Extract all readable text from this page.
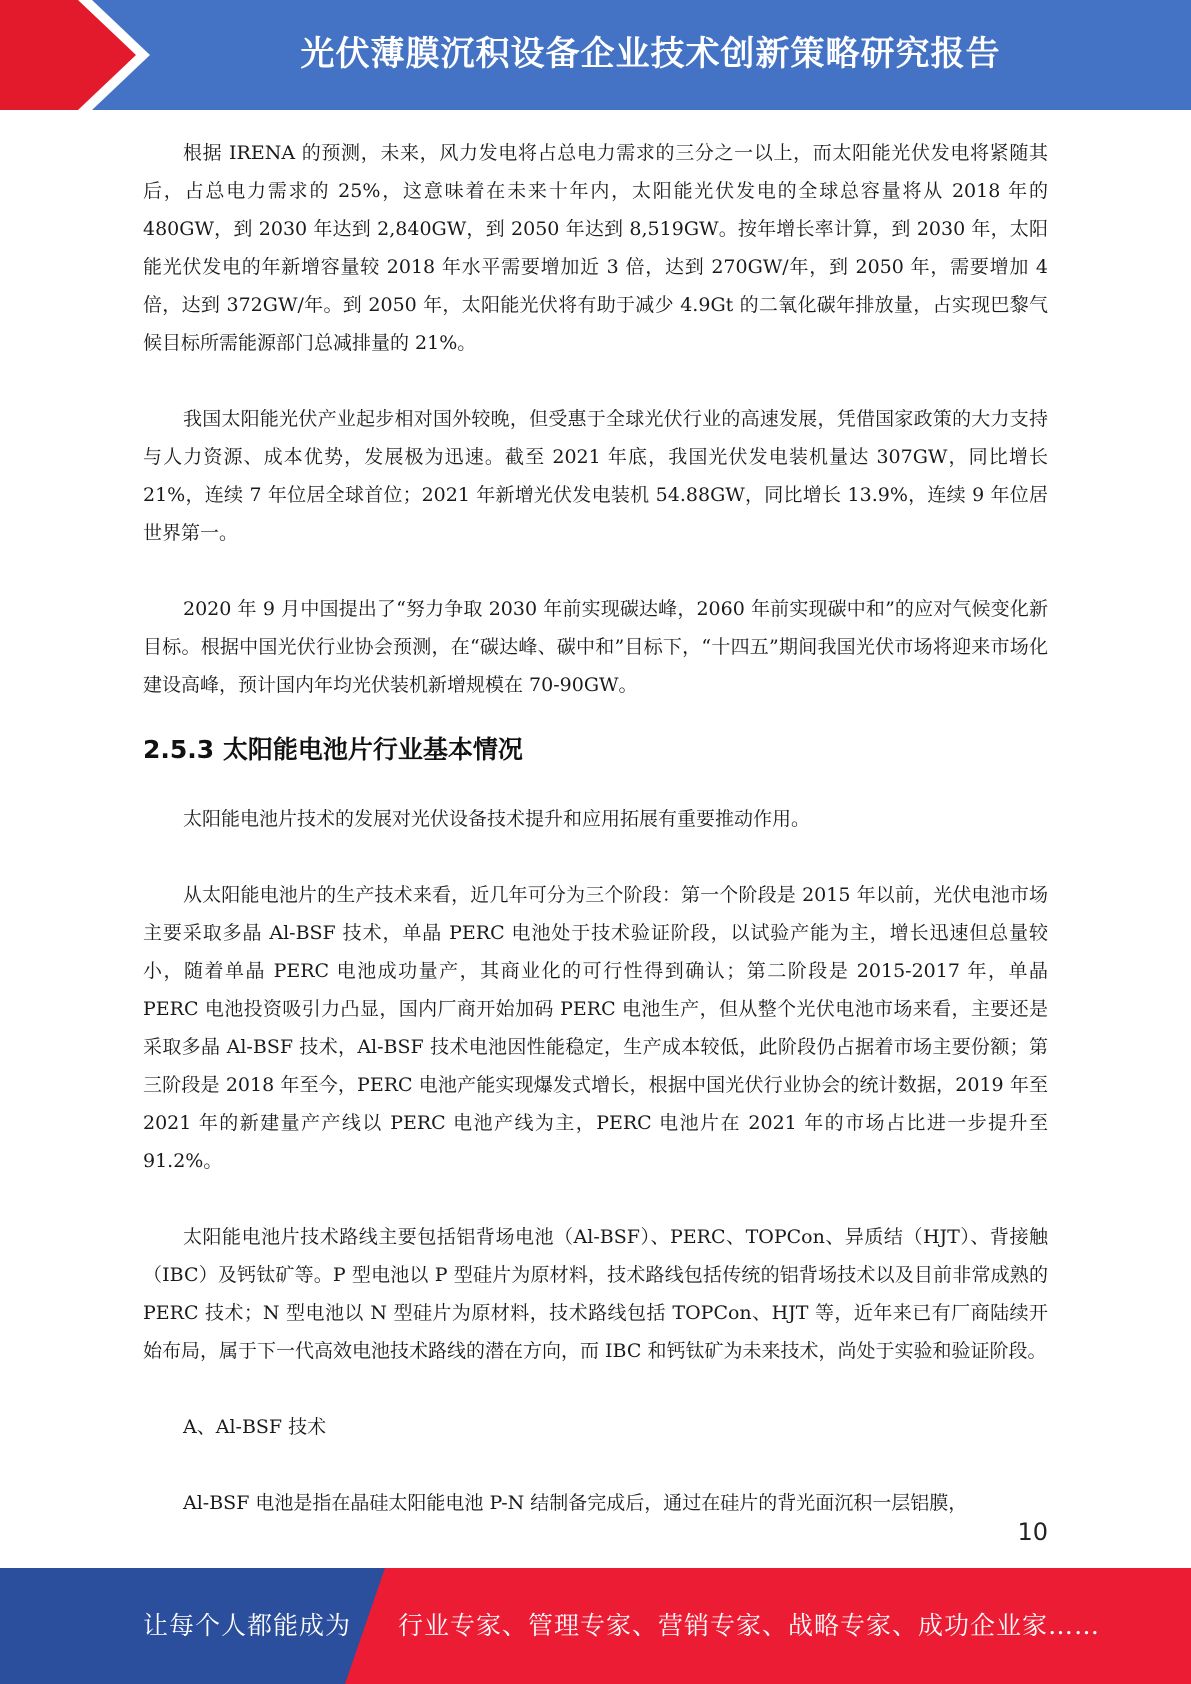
光伏薄膜沉积设备企业技术创新策略研究报告

根据 IRENA 的预测，未来，风力发电将占总电力需求的三分之一以上，而太阳能光伏发电将紧随其后，占总电力需求的 25%，这意味着在未来十年内，太阳能光伏发电的全球总容量将从 2018 年的 480GW，到 2030 年达到 2,840GW，到 2050 年达到 8,519GW。按年增长率计算，到 2030 年，太阳能光伏发电的年新增容量较 2018 年水平需要增加近 3 倍，达到 270GW/年，到 2050 年，需要增加 4 倍，达到 372GW/年。到 2050 年，太阳能光伏将有助于减少 4.9Gt 的二氧化碳年排放量，占实现巴黎气候目标所需能源部门总减排量的 21%。

我国太阳能光伏产业起步相对国外较晚，但受惠于全球光伏行业的高速发展，凭借国家政策的大力支持与人力资源、成本优势，发展极为迅速。截至 2021 年底，我国光伏发电装机量达 307GW，同比增长 21%，连续 7 年位居全球首位；2021 年新增光伏发电装机 54.88GW，同比增长 13.9%，连续 9 年位居世界第一。

2020 年 9 月中国提出了“努力争取 2030 年前实现碳达峰，2060 年前实现碳中和”的应对气候变化新目标。根据中国光伏行业协会预测，在“碳达峰、碳中和”目标下，“十四五”期间我国光伏市场将迎来市场化建设高峰，预计国内年均光伏装机新增规模在 70-90GW。

2.5.3 太阳能电池片行业基本情况

太阳能电池片技术的发展对光伏设备技术提升和应用拓展有重要推动作用。

从太阳能电池片的生产技术来看，近几年可分为三个阶段：第一个阶段是 2015 年以前，光伏电池市场主要采取多晶 Al-BSF 技术，单晶 PERC 电池处于技术验证阶段，以试验产能为主，增长迅速但总量较小，随着单晶 PERC 电池成功量产，其商业化的可行性得到确认；第二阶段是 2015-2017 年，单晶 PERC 电池投资吸引力凸显，国内厂商开始加码 PERC 电池生产，但从整个光伏电池市场来看，主要还是采取多晶 Al-BSF 技术，Al-BSF 技术电池因性能稳定，生产成本较低，此阶段仍占据着市场主要份额；第三阶段是 2018 年至今，PERC 电池产能实现爆发式增长，根据中国光伏行业协会的统计数据，2019 年至 2021 年的新建量产产线以 PERC 电池产线为主，PERC 电池片在 2021 年的市场占比进一步提升至 91.2%。

太阳能电池片技术路线主要包括铝背场电池（Al-BSF）、PERC、TOPCon、异质结（HJT）、背接触（IBC）及钙钛矿等。P 型电池以 P 型硅片为原材料，技术路线包括传统的铝背场技术以及目前非常成熟的 PERC 技术；N 型电池以 N 型硅片为原材料，技术路线包括 TOPCon、HJT 等，近年来已有厂商陆续开始布局，属于下一代高效电池技术路线的潜在方向，而 IBC 和钙钛矿为未来技术，尚处于实验和验证阶段。

A、Al-BSF 技术

Al-BSF 电池是指在晶硅太阳能电池 P-N 结制备完成后，通过在硅片的背光面沉积一层铝膜，

10
让每个人都能成为 行业专家、管理专家、营销专家、战略专家、成功企业家……
